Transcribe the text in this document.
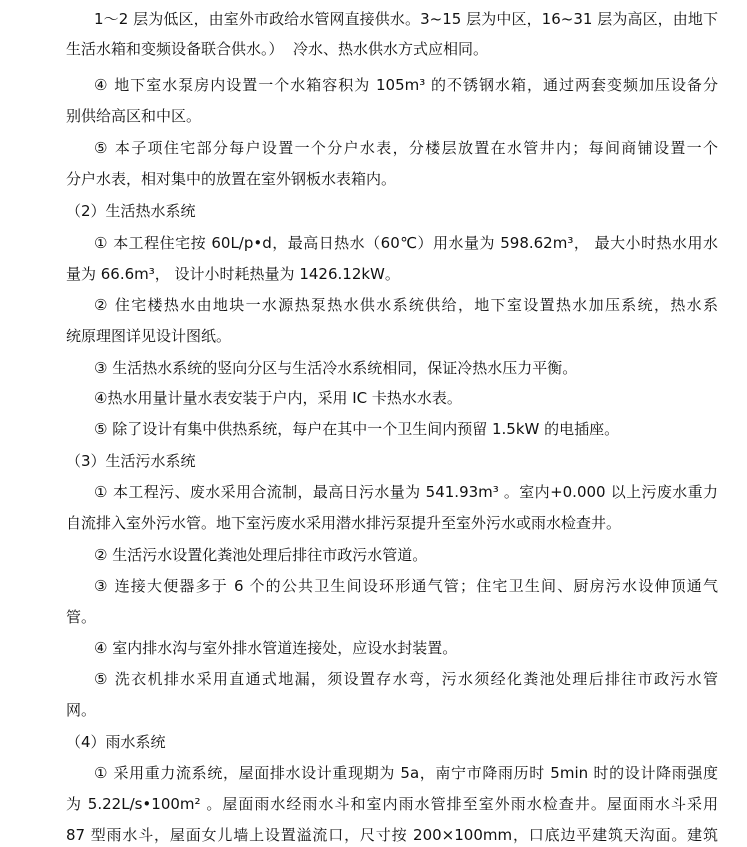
1～2 层为低区，由室外市政给水管网直接供水。3~15 层为中区，16~31 层为高区，由地下
生活水箱和变频设备联合供水。）  冷水、热水供水方式应相同。
④ 地下室水泵房内设置一个水箱容积为 105m³ 的不锈钢水箱，通过两套变频加压设备分
别供给高区和中区。
⑤ 本子项住宅部分每户设置一个分户水表，分楼层放置在水管井内；每间商铺设置一个
分户水表，相对集中的放置在室外钢板水表箱内。
（2）生活热水系统
① 本工程住宅按 60L/p•d，最高日热水（60℃）用水量为 598.62m³， 最大小时热水用水
量为 66.6m³， 设计小时耗热量为 1426.12kW。
② 住宅楼热水由地块一水源热泵热水供水系统供给，地下室设置热水加压系统，热水系
统原理图详见设计图纸。
③ 生活热水系统的竖向分区与生活冷水系统相同，保证冷热水压力平衡。
④热水用量计量水表安装于户内，采用 IC 卡热水水表。
⑤ 除了设计有集中供热系统，每户在其中一个卫生间内预留 1.5kW 的电插座。
（3）生活污水系统
① 本工程污、废水采用合流制，最高日污水量为 541.93m³ 。室内+0.000 以上污废水重力
自流排入室外污水管。地下室污废水采用潜水排污泵提升至室外污水或雨水检查井。
② 生活污水设置化粪池处理后排往市政污水管道。
③ 连接大便器多于 6 个的公共卫生间设环形通气管；住宅卫生间、厨房污水设伸顶通气
管。
④ 室内排水沟与室外排水管道连接处，应设水封装置。
⑤ 洗衣机排水采用直通式地漏，须设置存水弯，污水须经化粪池处理后排往市政污水管
网。
（4）雨水系统
① 采用重力流系统，屋面排水设计重现期为 5a，南宁市降雨历时 5min 时的设计降雨强度
为 5.22L/s•100m² 。屋面雨水经雨水斗和室内雨水管排至室外雨水检查井。屋面雨水斗采用
87 型雨水斗，屋面女儿墙上设置溢流口，尺寸按 200×100mm，口底边平建筑天沟面。建筑
